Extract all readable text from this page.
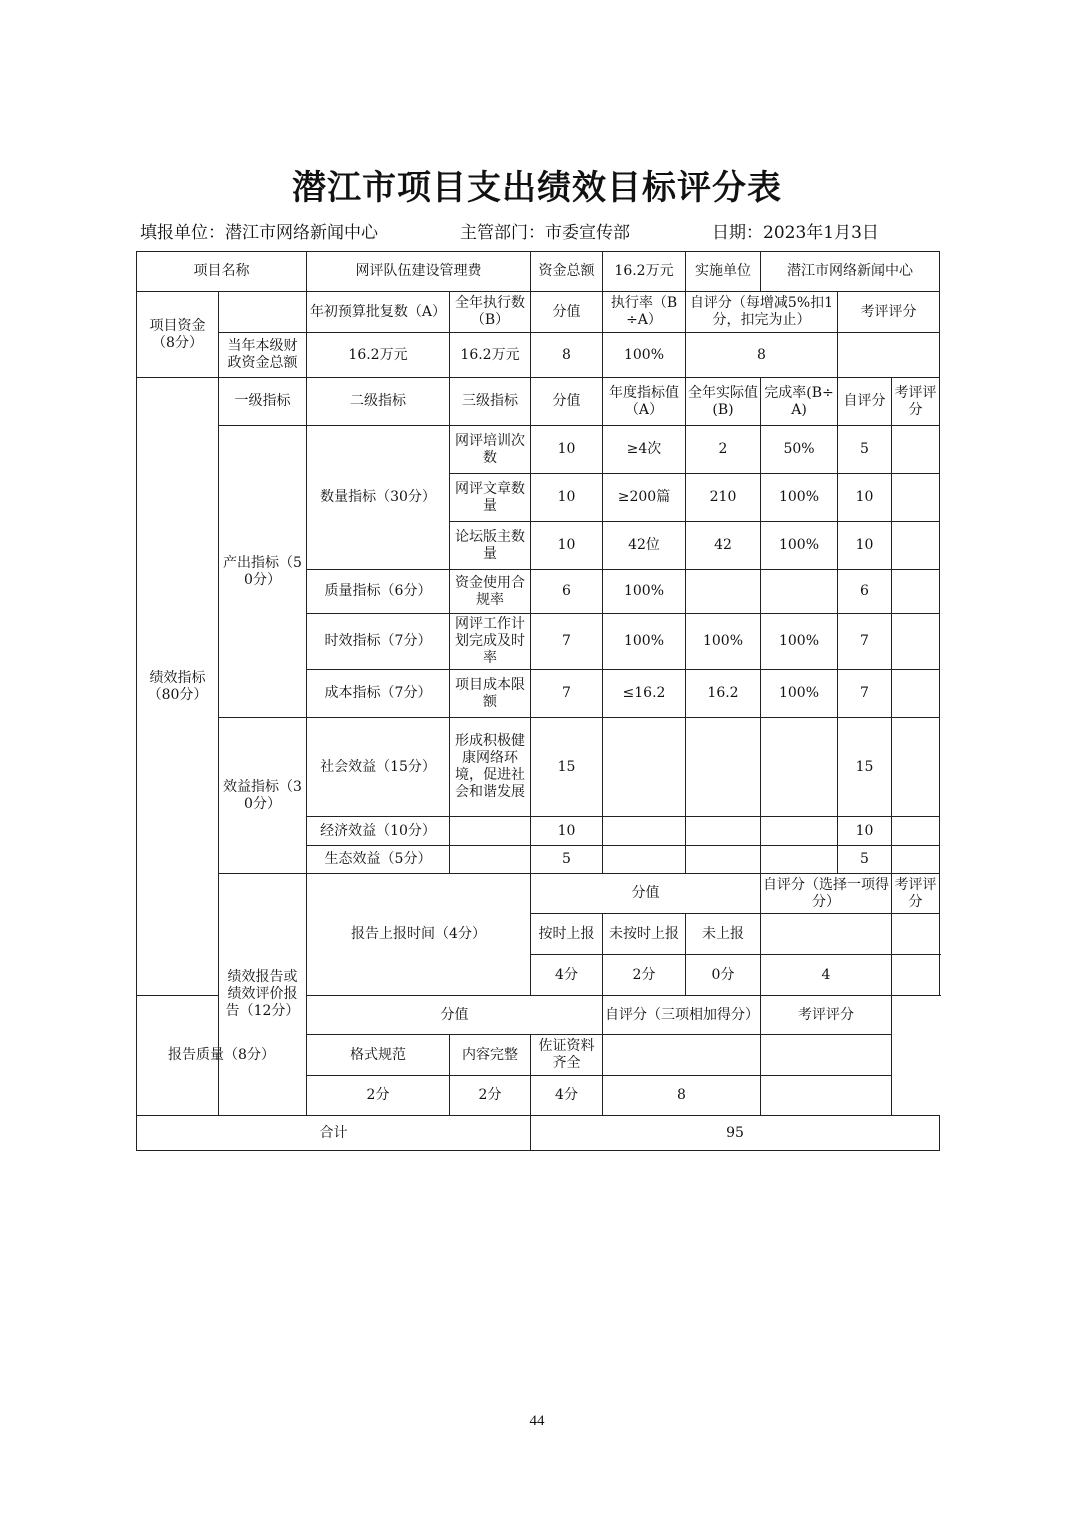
潜江市项目支出绩效目标评分表
填报单位：潜江市网络新闻中心	主管部门：市委宣传部	日期：2023年1月3日
项目名称		网评队伍建设管理费		资金总额	16.2万元	实施单位	潜江市网络新闻中心			
项目资金（8分）		年初预算批复数（A）	全年执行数（B）	分值	执行率（B÷A）	自评分（每增减5%扣1分，扣完为止）		考评评分		
	当年本级财政资金总额	16.2万元	16.2万元	8	100%	8				
绩效指标（80分）	一级指标	二级指标	三级指标	分值	年度指标值（A）	全年实际值(B)	完成率(B÷A)	自评分	考评评分	
	产出指标（50分）	数量指标（30分）	网评培训次数	10	≥4次	2	50%	5		
			网评文章数量	10	≥200篇	210	100%	10		
			论坛版主数量	10	42位	42	100%	10		
		质量指标（6分）	资金使用合规率	6	100%			6		
		时效指标（7分）	网评工作计划完成及时率	7	100%	100%	100%	7		
		成本指标（7分）	项目成本限额	7	≤16.2	16.2	100%	7		
	效益指标（30分）	社会效益（15分）	形成积极健康网络环境，促进社会和谐发展	15				15		
		经济效益（10分）		10				10		
		生态效益（5分）		5				5		
	绩效报告或绩效评价报告（12分）	报告上报时间（4分）		分值			自评分（选择一项得分）		考评评分	
				按时上报	未按时上报	未上报				
				4分	2分	0分	4			
报告质量（8分）		分值			自评分（三项相加得分）		考评评分			
		格式规范	内容完整	佐证资料齐全						
		2分	2分	4分	8					
合计				95						
44
